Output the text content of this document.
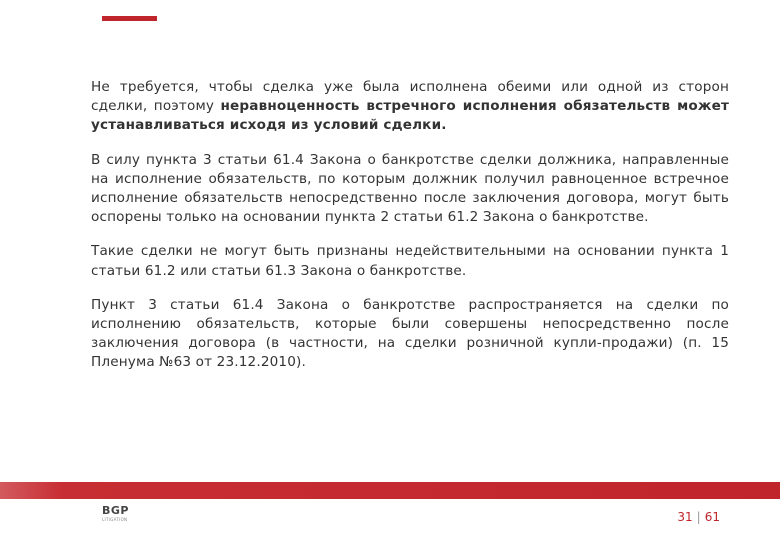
Не требуется, чтобы сделка уже была исполнена обеими или одной из сторон сделки, поэтому неравноценность встречного исполнения обязательств может устанавливаться исходя из условий сделки.

В силу пункта 3 статьи 61.4 Закона о банкротстве сделки должника, направленные на исполнение обязательств, по которым должник получил равноценное встречное исполнение обязательств непосредственно после заключения договора, могут быть оспорены только на основании пункта 2 статьи 61.2 Закона о банкротстве.

Такие сделки не могут быть признаны недействительными на основании пункта 1 статьи 61.2 или статьи 61.3 Закона о банкротстве.

Пункт 3 статьи 61.4 Закона о банкротстве распространяется на сделки по исполнению обязательств, которые были совершены непосредственно после заключения договора (в частности, на сделки розничной купли-продажи) (п. 15 Пленума №63 от 23.12.2010).

BGP
LITIGATION	31 | 61
